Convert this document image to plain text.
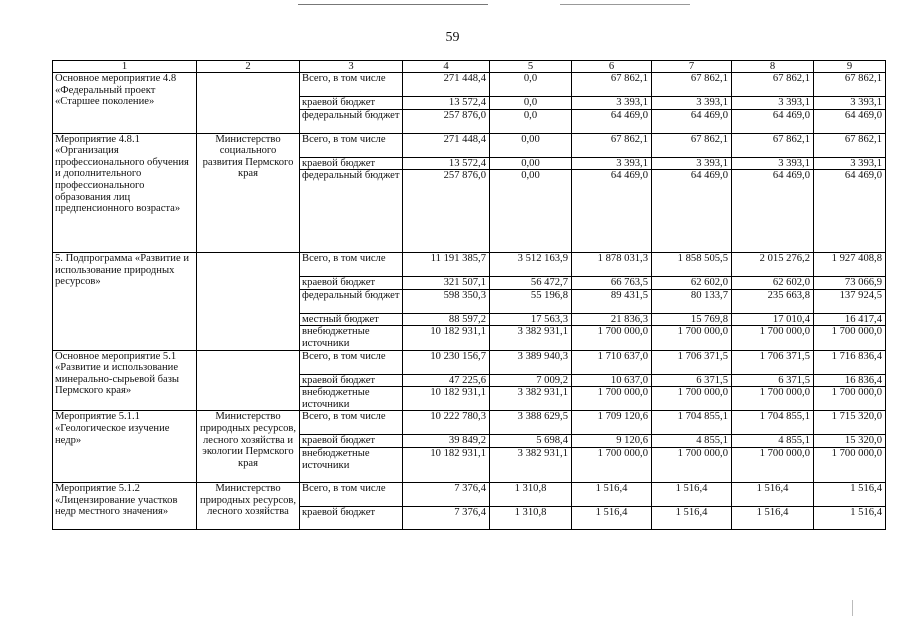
59
1	2	3	4	5	6	7	8	9
Основное мероприятие 4.8 «Федеральный проект «Старшее поколение»		Всего, в том числе	271 448,4	0,0	67 862,1	67 862,1	67 862,1	67 862,1
		краевой бюджет	13 572,4	0,0	3 393,1	3 393,1	3 393,1	3 393,1
		федеральный бюджет	257 876,0	0,0	64 469,0	64 469,0	64 469,0	64 469,0
Мероприятие 4.8.1 «Организация профессионального обучения и дополнительного профессионального образования лиц предпенсионного возраста»	Министерство социального развития Пермского края	Всего, в том числе	271 448,4	0,00	67 862,1	67 862,1	67 862,1	67 862,1
		краевой бюджет	13 572,4	0,00	3 393,1	3 393,1	3 393,1	3 393,1
		федеральный бюджет	257 876,0	0,00	64 469,0	64 469,0	64 469,0	64 469,0
5. Подпрограмма «Развитие и использование природных ресурсов»		Всего, в том числе	11 191 385,7	3 512 163,9	1 878 031,3	1 858 505,5	2 015 276,2	1 927 408,8
		краевой бюджет	321 507,1	56 472,7	66 763,5	62 602,0	62 602,0	73 066,9
		федеральный бюджет	598 350,3	55 196,8	89 431,5	80 133,7	235 663,8	137 924,5
		местный бюджет	88 597,2	17 563,3	21 836,3	15 769,8	17 010,4	16 417,4
		внебюджетные источники	10 182 931,1	3 382 931,1	1 700 000,0	1 700 000,0	1 700 000,0	1 700 000,0
Основное мероприятие 5.1 «Развитие и использование минерально-сырьевой базы Пермского края»		Всего, в том числе	10 230 156,7	3 389 940,3	1 710 637,0	1 706 371,5	1 706 371,5	1 716 836,4
		краевой бюджет	47 225,6	7 009,2	10 637,0	6 371,5	6 371,5	16 836,4
		внебюджетные источники	10 182 931,1	3 382 931,1	1 700 000,0	1 700 000,0	1 700 000,0	1 700 000,0
Мероприятие 5.1.1 «Геологическое изучение недр»	Министерство природных ресурсов, лесного хозяйства и экологии Пермского края	Всего, в том числе	10 222 780,3	3 388 629,5	1 709 120,6	1 704 855,1	1 704 855,1	1 715 320,0
		краевой бюджет	39 849,2	5 698,4	9 120,6	4 855,1	4 855,1	15 320,0
		внебюджетные источники	10 182 931,1	3 382 931,1	1 700 000,0	1 700 000,0	1 700 000,0	1 700 000,0
Мероприятие 5.1.2 «Лицензирование участков недр местного значения»	Министерство природных ресурсов, лесного хозяйства	Всего, в том числе	7 376,4	1 310,8	1 516,4	1 516,4	1 516,4	1 516,4
		краевой бюджет	7 376,4	1 310,8	1 516,4	1 516,4	1 516,4	1 516,4
